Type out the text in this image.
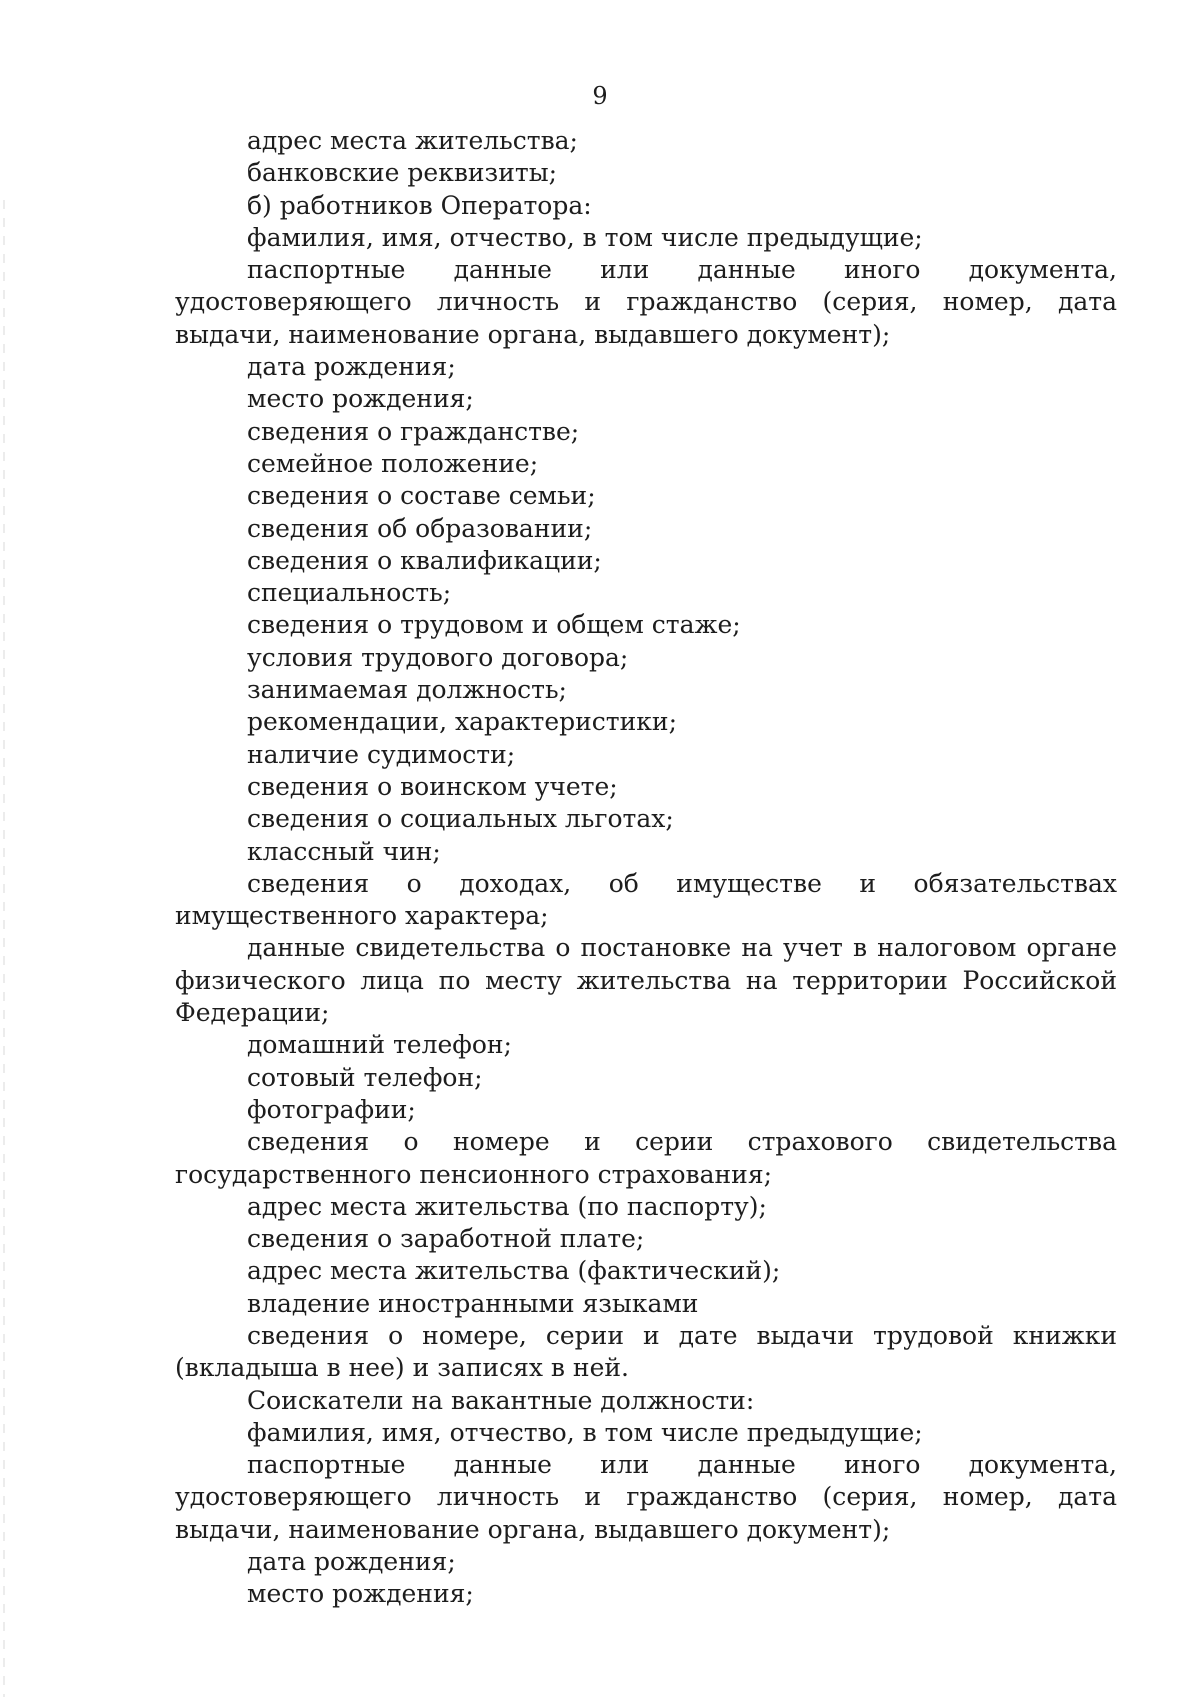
9

адрес места жительства;

банковские реквизиты;

б) работников Оператора:

фамилия, имя, отчество, в том числе предыдущие;

паспортные данные или данные иного документа, удостоверяющего личность и гражданство (серия, номер, дата выдачи, наименование органа, выдавшего документ);

дата рождения;

место рождения;

сведения о гражданстве;

семейное положение;

сведения о составе семьи;

сведения об образовании;

сведения о квалификации;

специальность;

сведения о трудовом и общем стаже;

условия трудового договора;

занимаемая должность;

рекомендации, характеристики;

наличие судимости;

сведения о воинском учете;

сведения о социальных льготах;

классный чин;

сведения о доходах, об имуществе и обязательствах имущественного характера;

данные свидетельства о постановке на учет в налоговом органе физического лица по месту жительства на территории Российской Федерации;

домашний телефон;

сотовый телефон;

фотографии;

сведения о номере и серии страхового свидетельства государственного пенсионного страхования;

адрес места жительства (по паспорту);

сведения о заработной плате;

адрес места жительства (фактический);

владение иностранными языками

сведения о номере, серии и дате выдачи трудовой книжки (вкладыша в нее) и записях в ней.

Соискатели на вакантные должности:

фамилия, имя, отчество, в том числе предыдущие;

паспортные данные или данные иного документа, удостоверяющего личность и гражданство (серия, номер, дата выдачи, наименование органа, выдавшего документ);

дата рождения;

место рождения;
